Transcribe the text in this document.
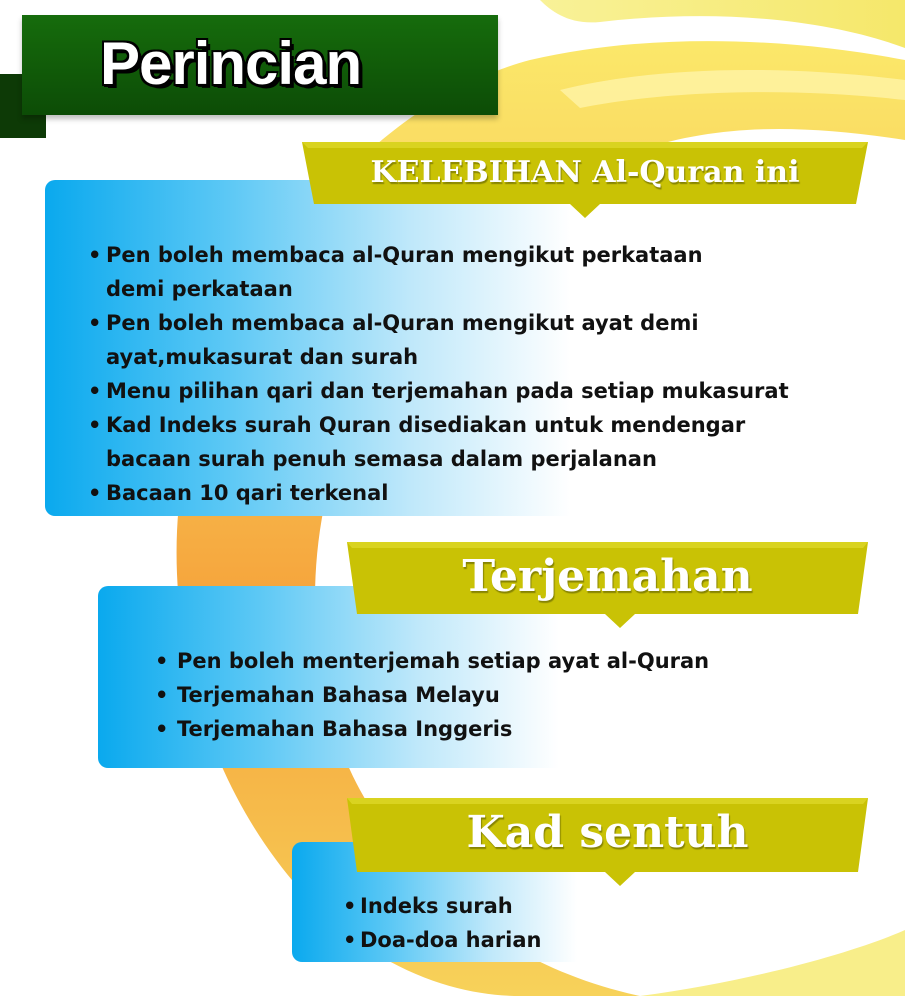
Perincian
KELEBIHAN Al-Quran ini
• Pen boleh membaca al-Quran mengikut perkataan demi perkataan
• Pen boleh membaca al-Quran mengikut ayat demi ayat,mukasurat dan surah
• Menu pilihan qari dan terjemahan pada setiap mukasurat
• Kad Indeks surah Quran disediakan untuk mendengar bacaan surah penuh semasa dalam perjalanan
• Bacaan 10 qari terkenal
Terjemahan
• Pen boleh menterjemah setiap ayat al-Quran
• Terjemahan Bahasa Melayu
• Terjemahan Bahasa Inggeris
Kad sentuh
• Indeks surah
• Doa-doa harian
